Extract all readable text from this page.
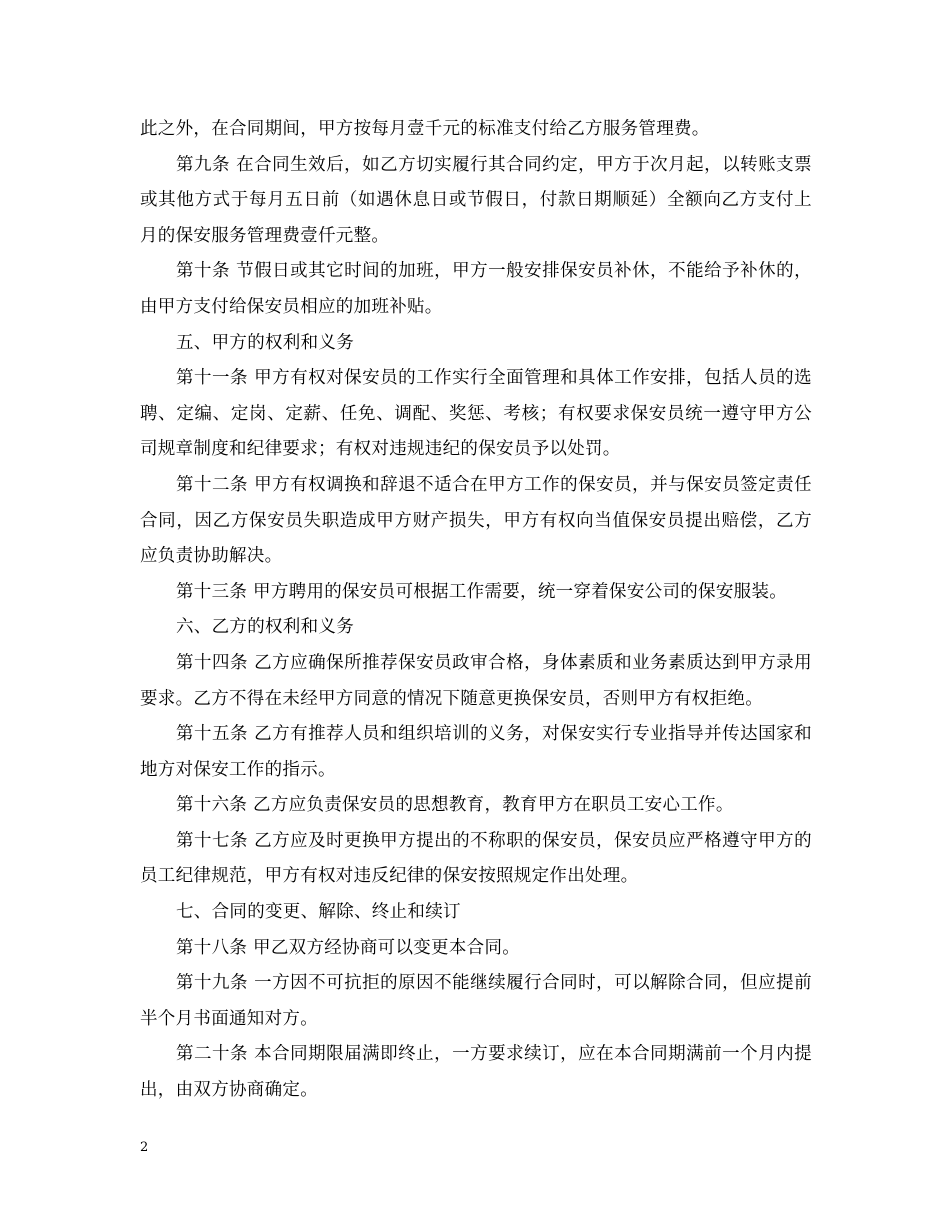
此之外，在合同期间，甲方按每月壹千元的标准支付给乙方服务管理费。

第九条 在合同生效后，如乙方切实履行其合同约定，甲方于次月起，以转账支票或其他方式于每月五日前（如遇休息日或节假日，付款日期顺延）全额向乙方支付上月的保安服务管理费壹仟元整。

第十条 节假日或其它时间的加班，甲方一般安排保安员补休，不能给予补休的，由甲方支付给保安员相应的加班补贴。

五、甲方的权利和义务

第十一条 甲方有权对保安员的工作实行全面管理和具体工作安排，包括人员的选聘、定编、定岗、定薪、任免、调配、奖惩、考核；有权要求保安员统一遵守甲方公司规章制度和纪律要求；有权对违规违纪的保安员予以处罚。

第十二条 甲方有权调换和辞退不适合在甲方工作的保安员，并与保安员签定责任合同，因乙方保安员失职造成甲方财产损失，甲方有权向当值保安员提出赔偿，乙方应负责协助解决。

第十三条 甲方聘用的保安员可根据工作需要，统一穿着保安公司的保安服装。

六、乙方的权利和义务

第十四条 乙方应确保所推荐保安员政审合格，身体素质和业务素质达到甲方录用要求。乙方不得在未经甲方同意的情况下随意更换保安员，否则甲方有权拒绝。

第十五条 乙方有推荐人员和组织培训的义务，对保安实行专业指导并传达国家和地方对保安工作的指示。

第十六条 乙方应负责保安员的思想教育，教育甲方在职员工安心工作。

第十七条 乙方应及时更换甲方提出的不称职的保安员，保安员应严格遵守甲方的员工纪律规范，甲方有权对违反纪律的保安按照规定作出处理。

七、合同的变更、解除、终止和续订

第十八条 甲乙双方经协商可以变更本合同。

第十九条 一方因不可抗拒的原因不能继续履行合同时，可以解除合同，但应提前半个月书面通知对方。

第二十条 本合同期限届满即终止，一方要求续订，应在本合同期满前一个月内提出，由双方协商确定。

2
